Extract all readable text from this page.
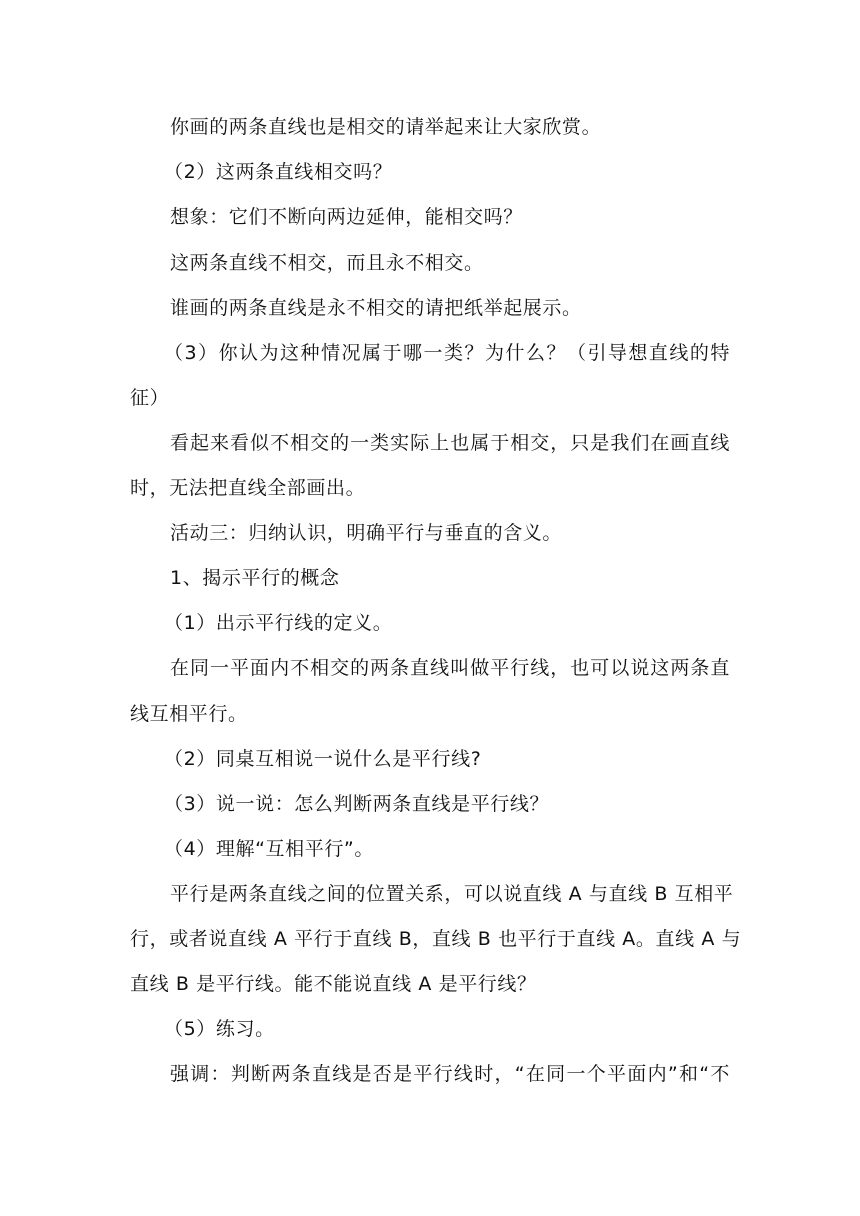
你画的两条直线也是相交的请举起来让大家欣赏。
（2）这两条直线相交吗？
想象：它们不断向两边延伸，能相交吗？
这两条直线不相交，而且永不相交。
谁画的两条直线是永不相交的请把纸举起展示。
（3）你认为这种情况属于哪一类？为什么？（引导想直线的特
征）
看起来看似不相交的一类实际上也属于相交，只是我们在画直线
时，无法把直线全部画出。
活动三：归纳认识，明确平行与垂直的含义。
1、揭示平行的概念
（1）出示平行线的定义。
在同一平面内不相交的两条直线叫做平行线，也可以说这两条直
线互相平行。
（2）同桌互相说一说什么是平行线?
（3）说一说：怎么判断两条直线是平行线？
（4）理解“互相平行”。
平行是两条直线之间的位置关系，可以说直线 A 与直线 B 互相平
行，或者说直线 A 平行于直线 B，直线 B 也平行于直线 A。直线 A 与
直线 B 是平行线。能不能说直线 A 是平行线？
（5）练习。
强调：判断两条直线是否是平行线时，“在同一个平面内”和“不
